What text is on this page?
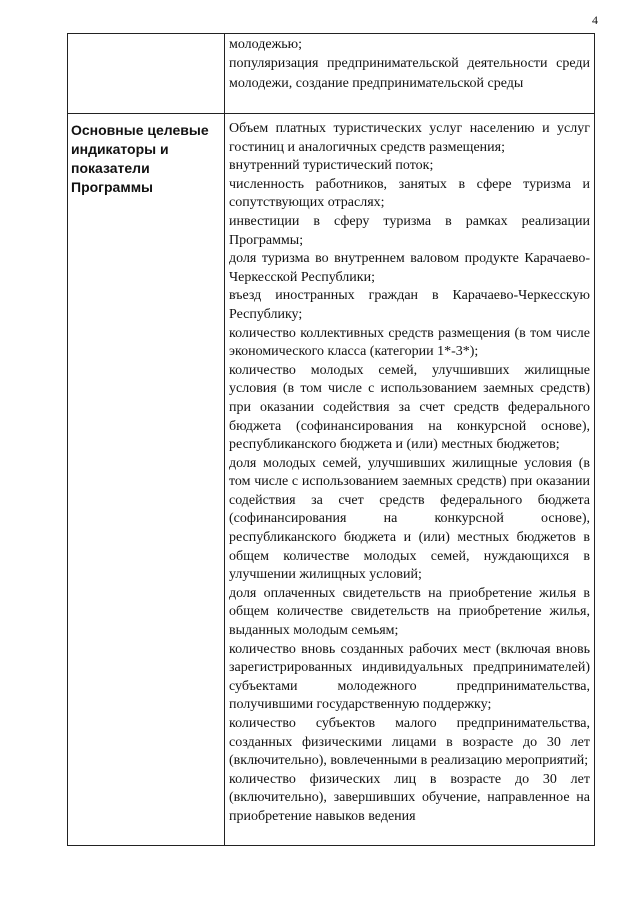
4

молодежью;

популяризация предпринимательской деятельности среди молодежи, создание предпринимательской среды

Основные целевые индикаторы и показатели Программы

Объем платных туристических услуг населению и услуг гостиниц и аналогичных средств размещения;

внутренний туристический поток;

численность работников, занятых в сфере туризма и сопутствующих отраслях;

инвестиции в сферу туризма в рамках реализации Программы;

доля туризма во внутреннем валовом продукте Карачаево-Черкесской Республики;

въезд иностранных граждан в Карачаево-Черкесскую Республику;

количество коллективных средств размещения (в том числе экономического класса (категории 1*-3*);

количество молодых семей, улучшивших жилищные условия (в том числе с использованием заемных средств) при оказании содействия за счет средств федерального бюджета (софинансирования на конкурсной основе), республиканского бюджета и (или) местных бюджетов;

доля молодых семей, улучшивших жилищные условия (в том числе с использованием заемных средств) при оказании содействия за счет средств федерального бюджета (софинансирования на конкурсной основе), республиканского бюджета и (или) местных бюджетов в общем количестве молодых семей, нуждающихся в улучшении жилищных условий;

доля оплаченных свидетельств на приобретение жилья в общем количестве свидетельств на приобретение жилья, выданных молодым семьям;

количество вновь созданных рабочих мест (включая вновь зарегистрированных индивидуальных предпринимателей) субъектами молодежного предпринимательства, получившими государственную поддержку;

количество субъектов малого предпринимательства, созданных физическими лицами в возрасте до 30 лет (включительно), вовлеченными в реализацию мероприятий;

количество физических лиц в возрасте до 30 лет (включительно), завершивших обучение, направленное на приобретение навыков ведения
